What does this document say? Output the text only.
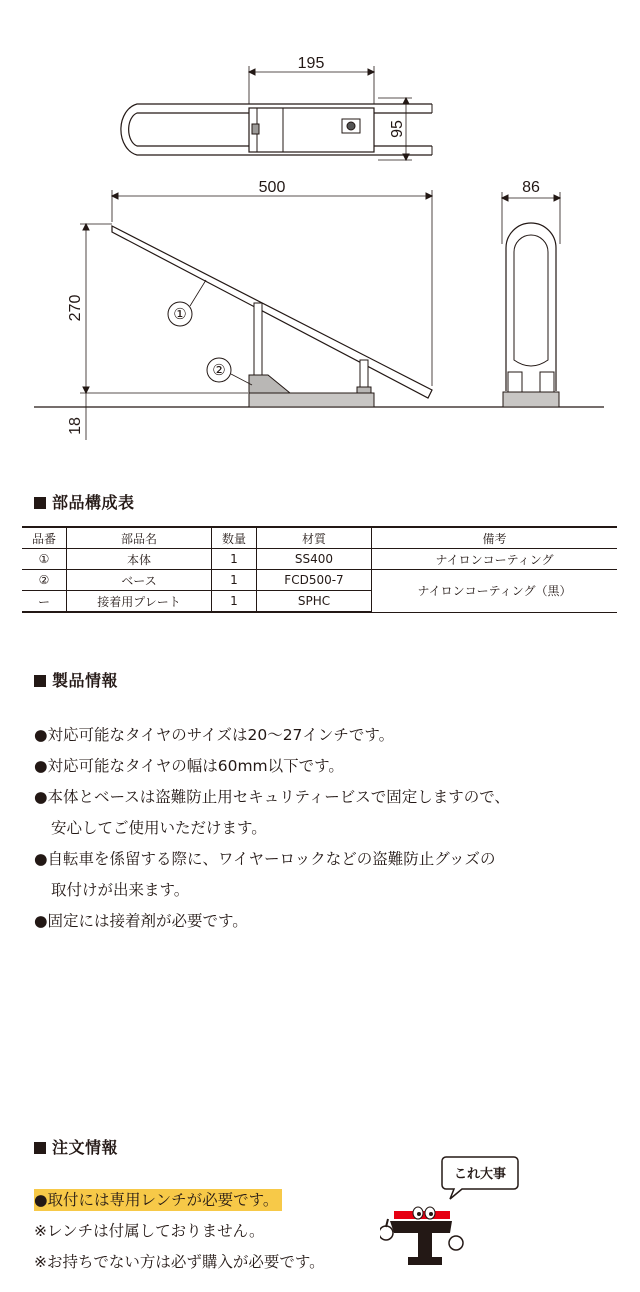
195
95
500
270
18
86
①
②
部品構成表
品番	部品名	数量	材質	備考
①	本体	1	SS400	ナイロンコーティング
②	ベース	1	FCD500-7	ナイロンコーティング（黒）
ー	接着用プレート	1	SPHC	
製品情報

●対応可能なタイヤのサイズは20～27インチです。

●対応可能なタイヤの幅は60mm以下です。

●本体とベースは盗難防止用セキュリティービスで固定しますので、

安心してご使用いただけます。

●自転車を係留する際に、ワイヤーロックなどの盗難防止グッズの

取付けが出来ます。

●固定には接着剤が必要です。

注文情報

●取付には専用レンチが必要です。

※レンチは付属しておりません。

※お持ちでない方は必ず購入が必要です。

これ大事
